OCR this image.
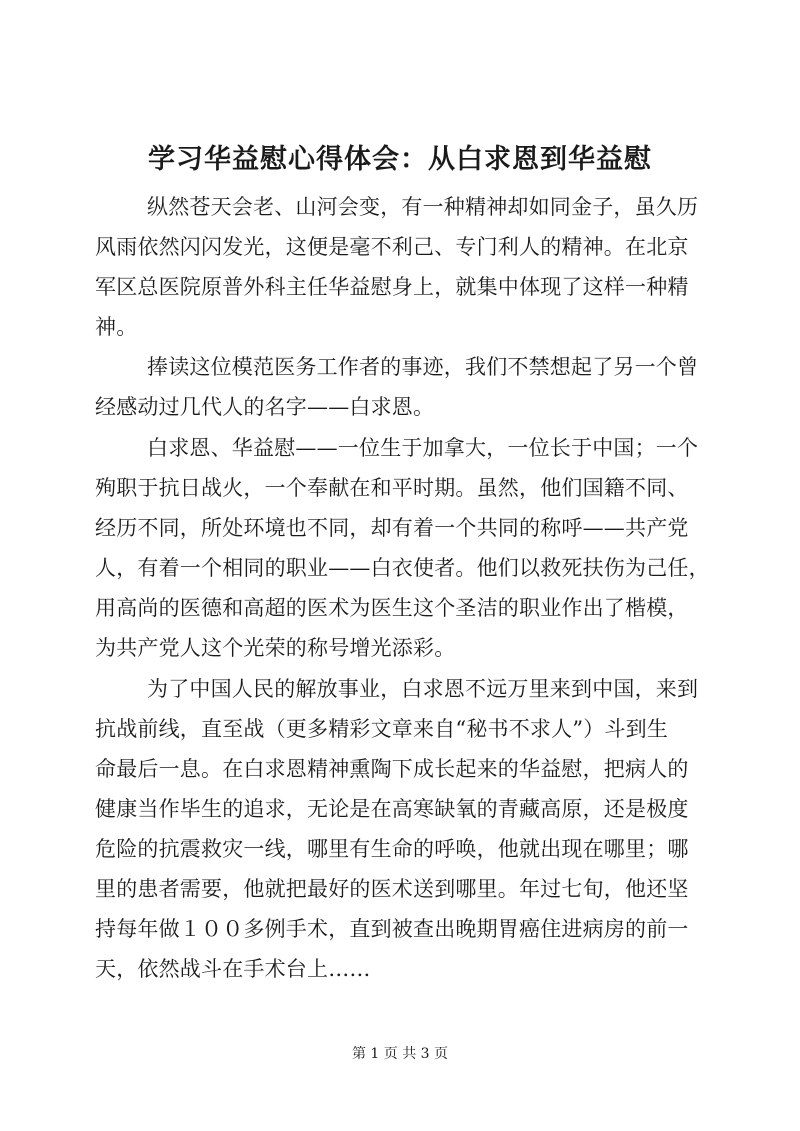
学习华益慰心得体会：从白求恩到华益慰
纵然苍天会老、山河会变，有一种精神却如同金子，虽久历
风雨依然闪闪发光，这便是毫不利己、专门利人的精神。在北京
军区总医院原普外科主任华益慰身上，就集中体现了这样一种精
神。
捧读这位模范医务工作者的事迹，我们不禁想起了另一个曾
经感动过几代人的名字——白求恩。
白求恩、华益慰——一位生于加拿大，一位长于中国；一个
殉职于抗日战火，一个奉献在和平时期。虽然，他们国籍不同、
经历不同，所处环境也不同，却有着一个共同的称呼——共产党
人，有着一个相同的职业——白衣使者。他们以救死扶伤为己任，
用高尚的医德和高超的医术为医生这个圣洁的职业作出了楷模，
为共产党人这个光荣的称号增光添彩。
为了中国人民的解放事业，白求恩不远万里来到中国，来到
抗战前线，直至战（更多精彩文章来自“秘书不求人”）斗到生
命最后一息。在白求恩精神熏陶下成长起来的华益慰，把病人的
健康当作毕生的追求，无论是在高寒缺氧的青藏高原，还是极度
危险的抗震救灾一线，哪里有生命的呼唤，他就出现在哪里；哪
里的患者需要，他就把最好的医术送到哪里。年过七旬，他还坚
持每年做１００多例手术，直到被查出晚期胃癌住进病房的前一
天，依然战斗在手术台上……
第 1 页 共 3 页
